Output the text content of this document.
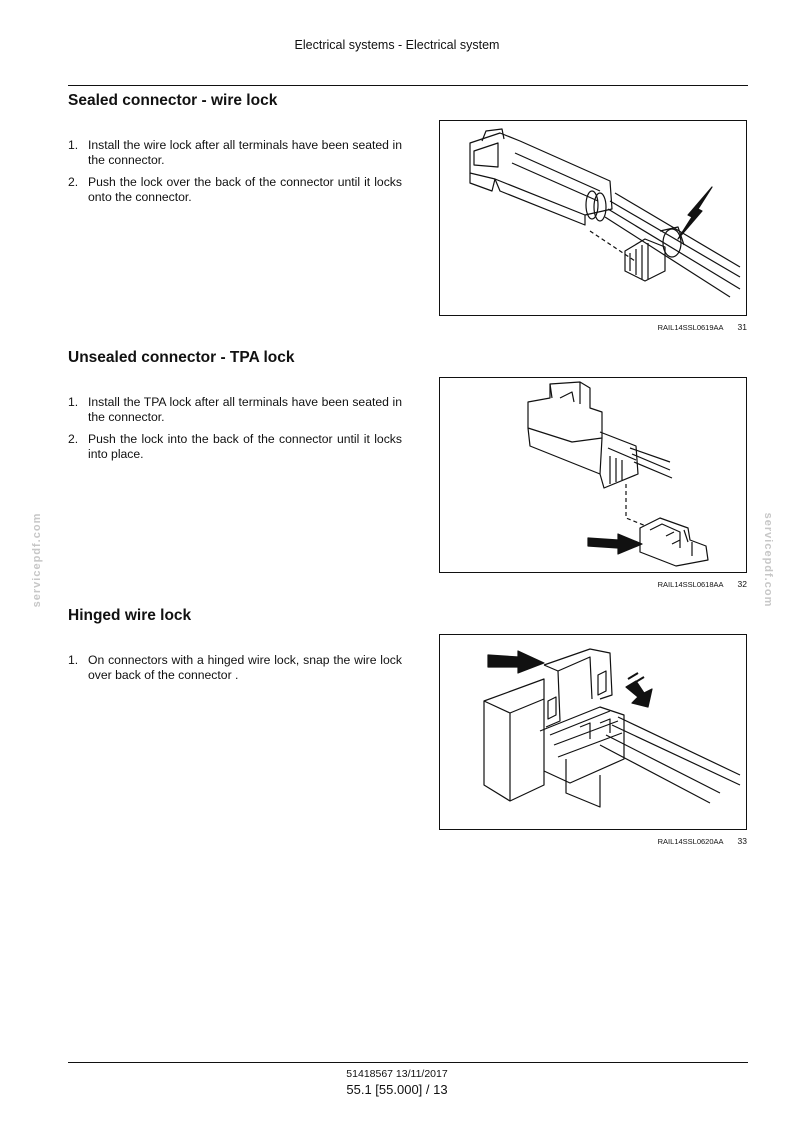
Electrical systems - Electrical system
Sealed connector - wire lock
1. Install the wire lock after all terminals have been seated in the connector.
2. Push the lock over the back of the connector until it locks onto the connector.
RAIL14SSL0619AA 31
Unsealed connector - TPA lock
1. Install the TPA lock after all terminals have been seated in the connector.
2. Push the lock into the back of the connector until it locks into place.
RAIL14SSL0618AA 32
Hinged wire lock
1. On connectors with a hinged wire lock, snap the wire lock over back of the connector .
RAIL14SSL0620AA 33
servicepdf.com	servicepdf.com
51418567 13/11/2017
55.1 [55.000] / 13
